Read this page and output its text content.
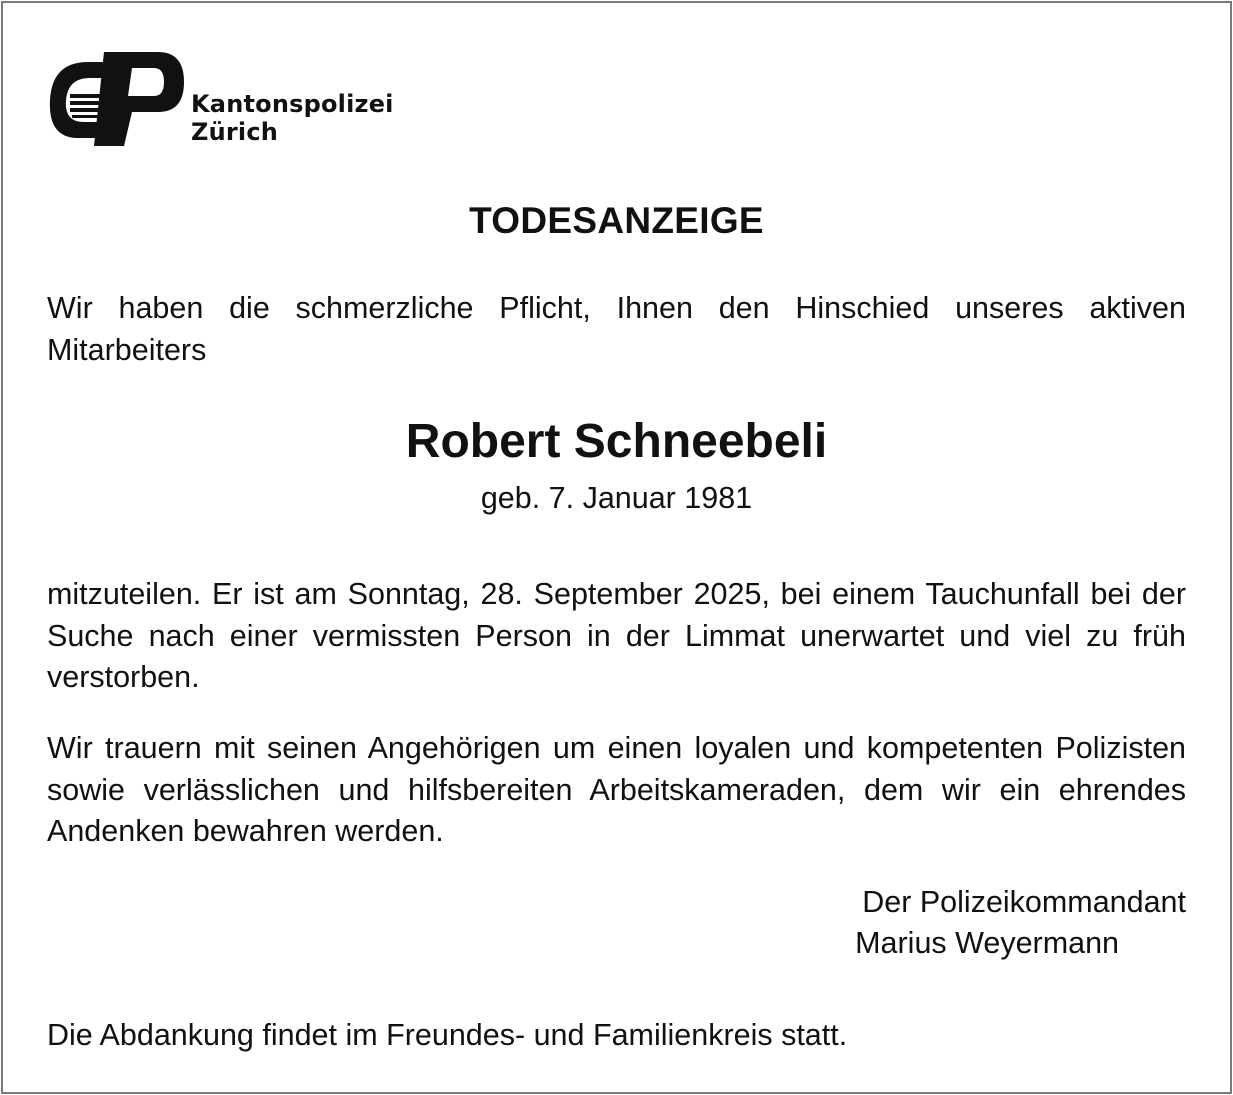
Kantonspolizei
Zürich
TODESANZEIGE
Wir haben die schmerzliche Pflicht, Ihnen den Hinschied unseres aktiven Mitarbeiters
Robert Schneebeli
geb. 7. Januar 1981
mitzuteilen. Er ist am Sonntag, 28. September 2025, bei einem Tauchunfall bei der Suche nach einer vermissten Person in der Limmat unerwartet und viel zu früh verstorben.
Wir trauern mit seinen Angehörigen um einen loyalen und kompetenten Polizisten sowie verlässlichen und hilfsbereiten Arbeitskameraden, dem wir ein ehrendes Andenken bewahren werden.
Der Polizeikommandant
Marius Weyermann
Die Abdankung findet im Freundes- und Familienkreis statt.
